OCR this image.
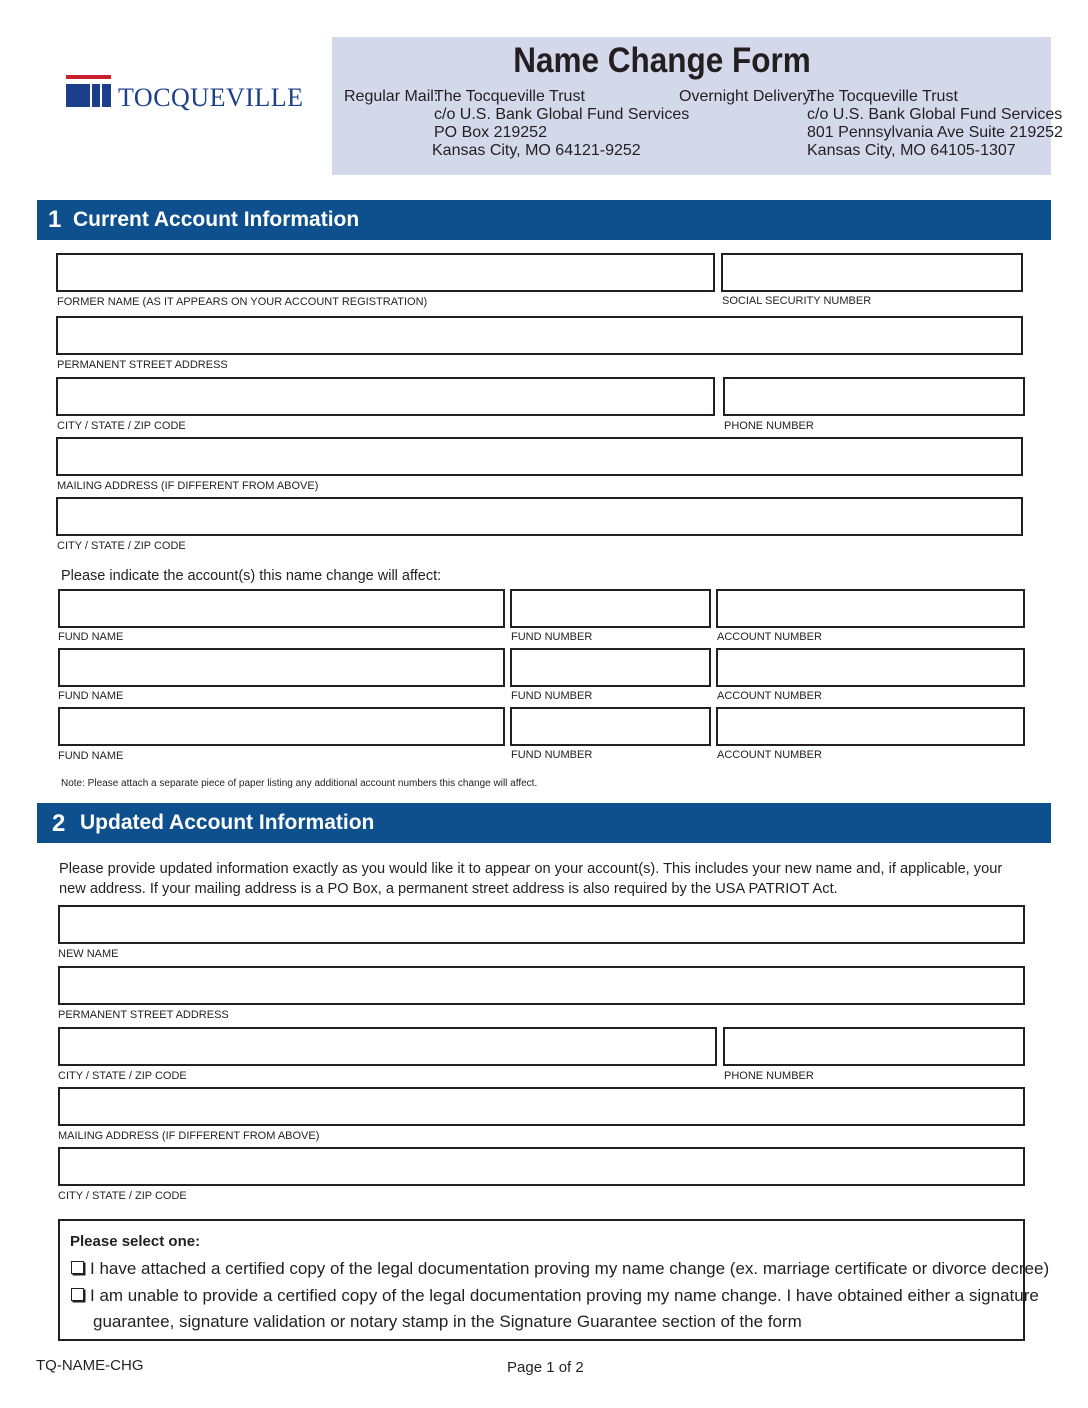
TOCQUEVILLE
Name Change Form
Regular Mail:
The Tocqueville Trust
c/o U.S. Bank Global Fund Services
PO Box 219252
Kansas City, MO 64121-9252
Overnight Delivery:
The Tocqueville Trust
c/o U.S. Bank Global Fund Services
801 Pennsylvania Ave Suite 219252
Kansas City, MO 64105-1307
1 Current Account Information
FORMER NAME (AS IT APPEARS ON YOUR ACCOUNT REGISTRATION)	SOCIAL SECURITY NUMBER
PERMANENT STREET ADDRESS
CITY / STATE / ZIP CODE	PHONE NUMBER
MAILING ADDRESS (IF DIFFERENT FROM ABOVE)
CITY / STATE / ZIP CODE
Please indicate the account(s) this name change will affect:
FUND NAME	FUND NUMBER	ACCOUNT NUMBER
FUND NAME	FUND NUMBER	ACCOUNT NUMBER
FUND NAME	FUND NUMBER	ACCOUNT NUMBER
Note: Please attach a separate piece of paper listing any additional account numbers this change will affect.
2 Updated Account Information
Please provide updated information exactly as you would like it to appear on your account(s). This includes your new name and, if applicable, your
new address. If your mailing address is a PO Box, a permanent street address is also required by the USA PATRIOT Act.
NEW NAME
PERMANENT STREET ADDRESS
CITY / STATE / ZIP CODE	PHONE NUMBER
MAILING ADDRESS (IF DIFFERENT FROM ABOVE)
CITY / STATE / ZIP CODE
Please select one:
I have attached a certified copy of the legal documentation proving my name change (ex. marriage certificate or divorce decree)
I am unable to provide a certified copy of the legal documentation proving my name change. I have obtained either a signature
guarantee, signature validation or notary stamp in the Signature Guarantee section of the form
TQ-NAME-CHG	Page 1 of 2
